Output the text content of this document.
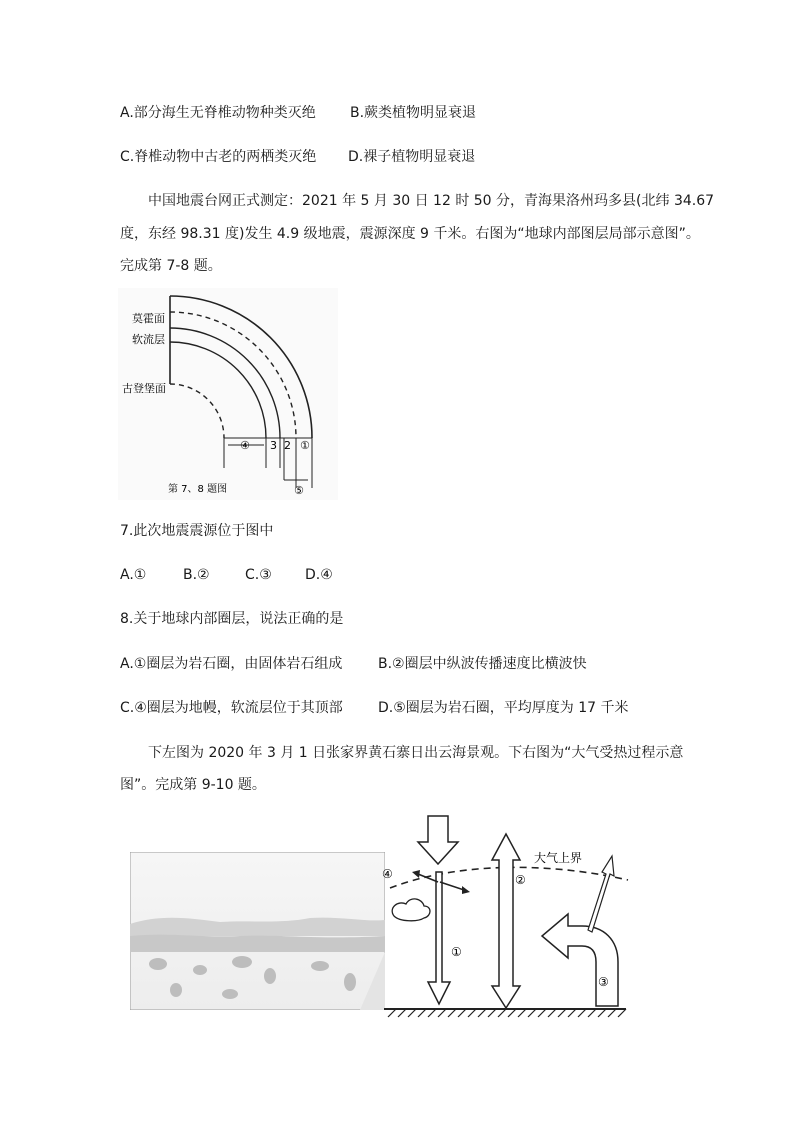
A.部分海生无脊椎动物种类灭绝 B.蕨类植物明显衰退
C.脊椎动物中古老的两栖类灭绝 D.裸子植物明显衰退
中国地震台网正式测定：2021 年 5 月 30 日 12 时 50 分，青海果洛州玛多县(北纬 34.67
度，东经 98.31 度)发生 4.9 级地震，震源深度 9 千米。右图为“地球内部图层局部示意图”。
完成第 7-8 题。
④ 3 2 ①
⑤
莫霍面
软流层
古登堡面
第 7、8 题图
7.此次地震震源位于图中
A.①	B.②	C.③ D.④
8.关于地球内部圈层，说法正确的是
A.①圈层为岩石圈，由固体岩石组成	B.②圈层中纵波传播速度比横波快
C.④圈层为地幔，软流层位于其顶部	D.⑤圈层为岩石圈，平均厚度为 17 千米
下左图为 2020 年 3 月 1 日张家界黄石寨日出云海景观。下右图为“大气受热过程示意
图”。完成第 9-10 题。
大气上界
①
④	②
③
